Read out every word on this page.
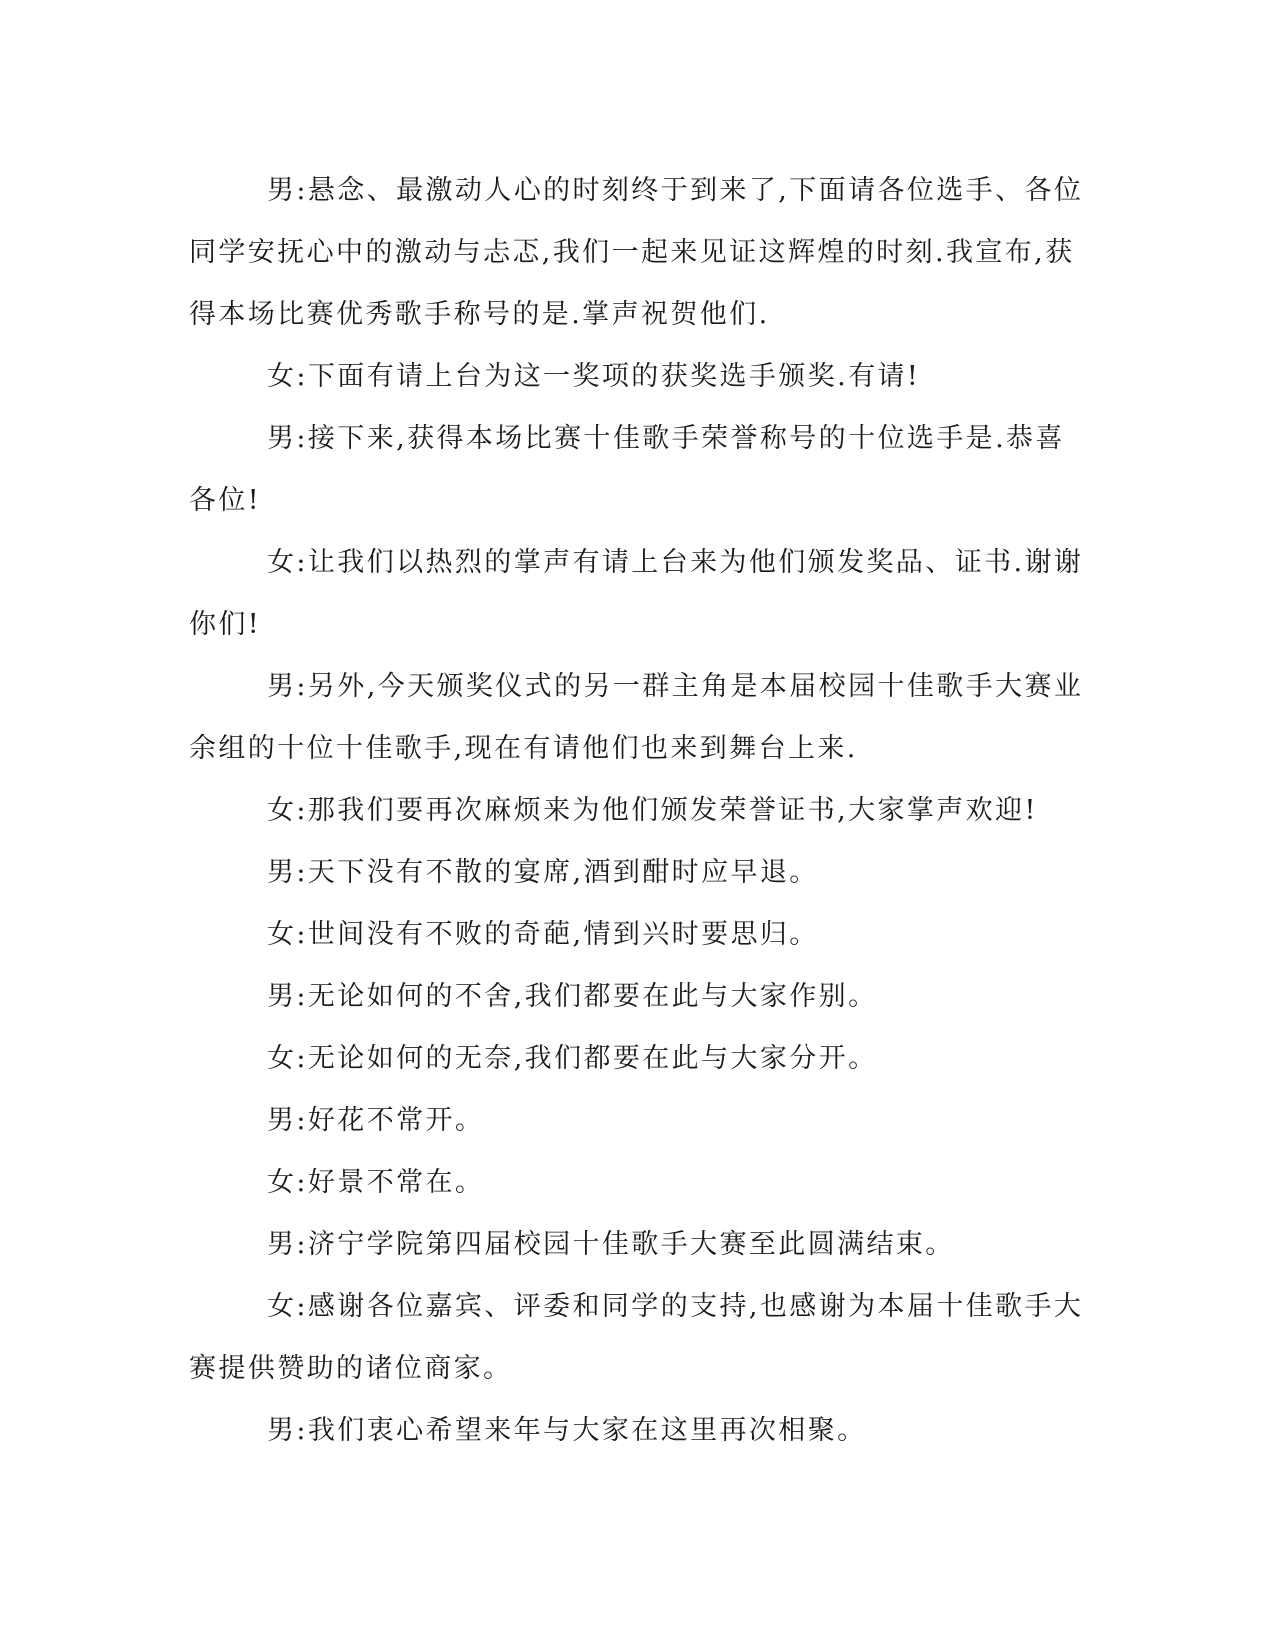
男:悬念、最激动人心的时刻终于到来了,下面请各位选手、各位同学安抚心中的激动与忐忑,我们一起来见证这辉煌的时刻.我宣布,获得本场比赛优秀歌手称号的是.掌声祝贺他们.

女:下面有请上台为这一奖项的获奖选手颁奖.有请!

男:接下来,获得本场比赛十佳歌手荣誉称号的十位选手是.恭喜各位!

女:让我们以热烈的掌声有请上台来为他们颁发奖品、证书.谢谢你们!

男:另外,今天颁奖仪式的另一群主角是本届校园十佳歌手大赛业余组的十位十佳歌手,现在有请他们也来到舞台上来.

女:那我们要再次麻烦来为他们颁发荣誉证书,大家掌声欢迎!

男:天下没有不散的宴席,酒到酣时应早退。

女:世间没有不败的奇葩,情到兴时要思归。

男:无论如何的不舍,我们都要在此与大家作别。

女:无论如何的无奈,我们都要在此与大家分开。

男:好花不常开。

女:好景不常在。

男:济宁学院第四届校园十佳歌手大赛至此圆满结束。

女:感谢各位嘉宾、评委和同学的支持,也感谢为本届十佳歌手大赛提供赞助的诸位商家。

男:我们衷心希望来年与大家在这里再次相聚。
